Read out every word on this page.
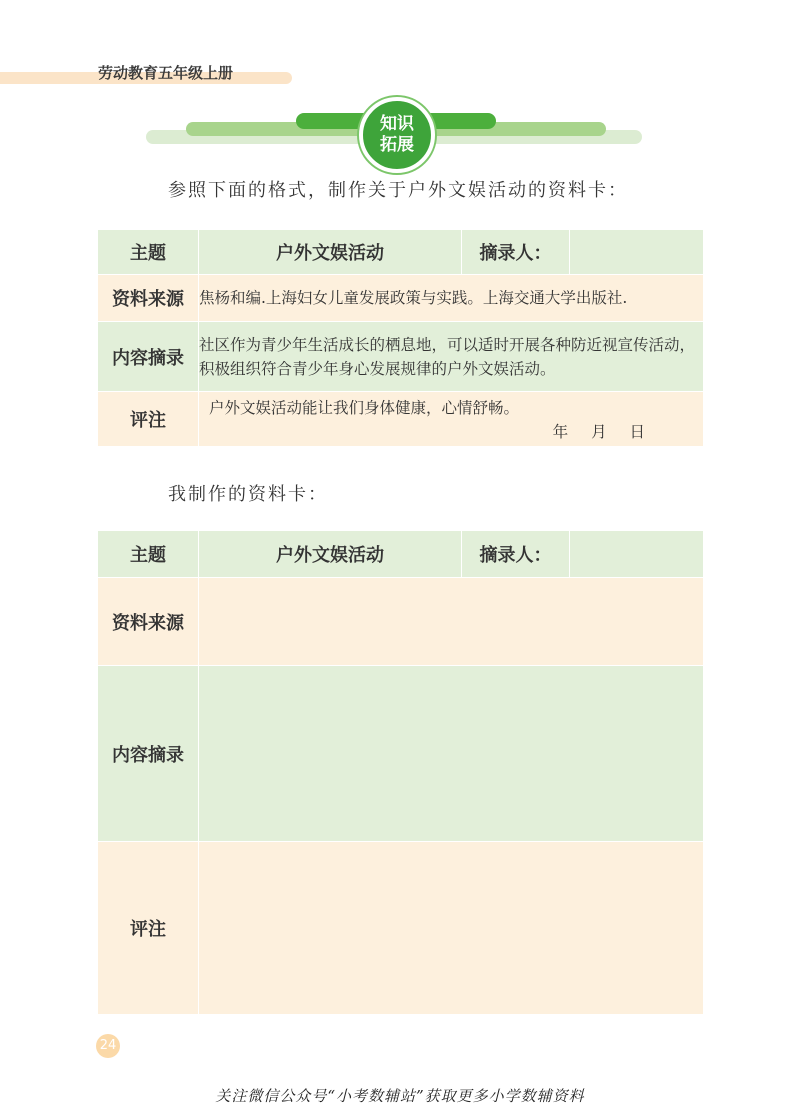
劳动教育五年级上册
知识
拓展
参照下面的格式，制作关于户外文娱活动的资料卡：
主题	户外文娱活动	摘录人：	
资料来源	焦杨和编.上海妇女儿童发展政策与实践。上海交通大学出版社.		
内容摘录	社区作为青少年生活成长的栖息地，可以适时开展各种防近视宣传活动，积极组织符合青少年身心发展规律的户外文娱活动。		
评注	户外文娱活动能让我们身体健康，心情舒畅。
年 月 日		
我制作的资料卡：
主题	户外文娱活动	摘录人：	
资料来源			
内容摘录			
评注			
24
关注微信公众号“小考数辅站”获取更多小学数辅资料
